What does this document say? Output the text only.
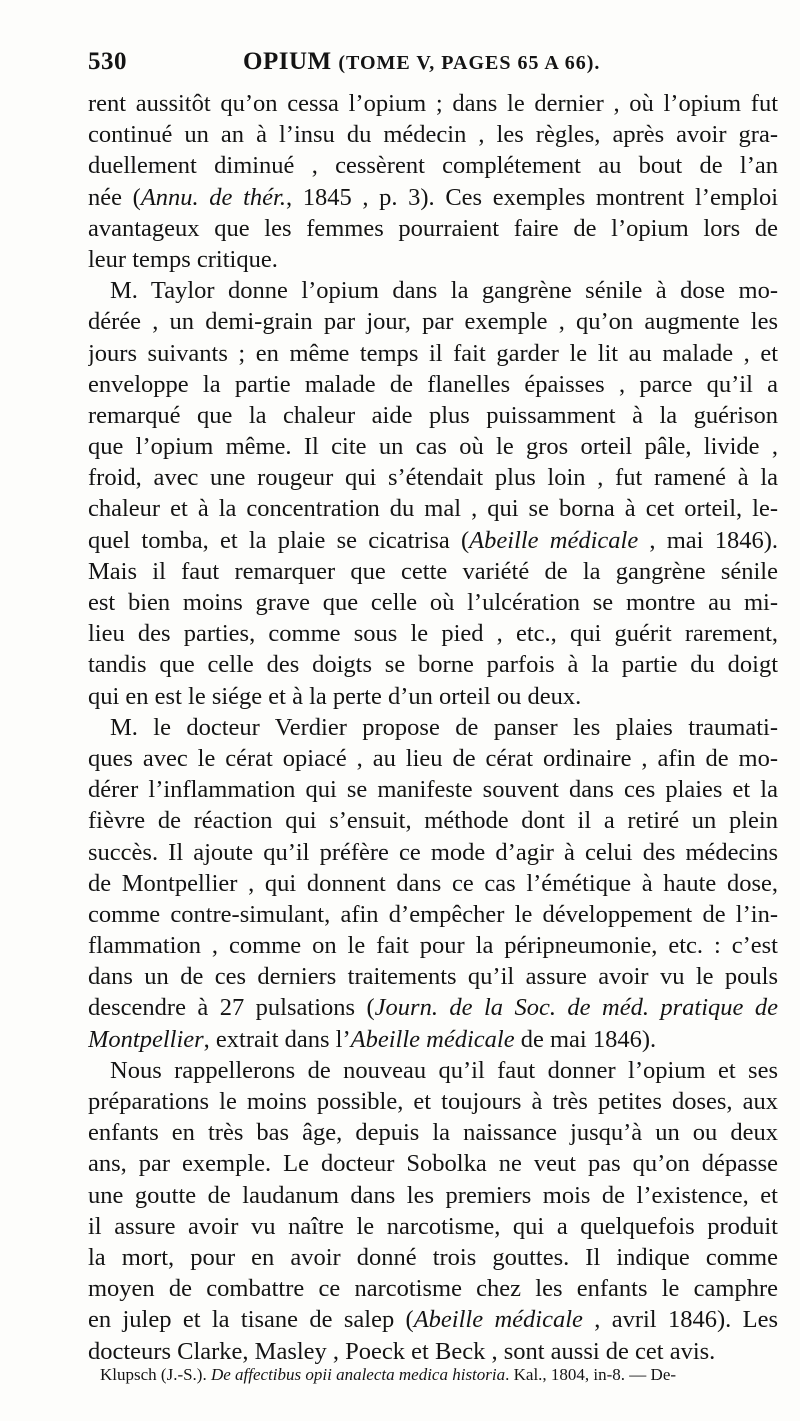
530	OPIUM (TOME V, PAGES 65 A 66).
rent aussitôt qu’on cessa l’opium ; dans le dernier , où l’opium fut
continué un an à l’insu du médecin , les règles, après avoir gra-
duellement diminué , cessèrent complétement au bout de l’an
née (Annu. de thér., 1845 , p. 3). Ces exemples montrent l’emploi
avantageux que les femmes pourraient faire de l’opium lors de
leur temps critique.
M. Taylor donne l’opium dans la gangrène sénile à dose mo-
dérée , un demi-grain par jour, par exemple , qu’on augmente les
jours suivants ; en même temps il fait garder le lit au malade , et
enveloppe la partie malade de flanelles épaisses , parce qu’il a
remarqué que la chaleur aide plus puissamment à la guérison
que l’opium même. Il cite un cas où le gros orteil pâle, livide ,
froid, avec une rougeur qui s’étendait plus loin , fut ramené à la
chaleur et à la concentration du mal , qui se borna à cet orteil, le-
quel tomba, et la plaie se cicatrisa (Abeille médicale , mai 1846).
Mais il faut remarquer que cette variété de la gangrène sénile
est bien moins grave que celle où l’ulcération se montre au mi-
lieu des parties, comme sous le pied , etc., qui guérit rarement,
tandis que celle des doigts se borne parfois à la partie du doigt
qui en est le siége et à la perte d’un orteil ou deux.
M. le docteur Verdier propose de panser les plaies traumati-
ques avec le cérat opiacé , au lieu de cérat ordinaire , afin de mo-
dérer l’inflammation qui se manifeste souvent dans ces plaies et la
fièvre de réaction qui s’ensuit, méthode dont il a retiré un plein
succès. Il ajoute qu’il préfère ce mode d’agir à celui des médecins
de Montpellier , qui donnent dans ce cas l’émétique à haute dose,
comme contre-simulant, afin d’empêcher le développement de l’in-
flammation , comme on le fait pour la péripneumonie, etc. : c’est
dans un de ces derniers traitements qu’il assure avoir vu le pouls
descendre à 27 pulsations (Journ. de la Soc. de méd. pratique de
Montpellier, extrait dans l’Abeille médicale de mai 1846).
Nous rappellerons de nouveau qu’il faut donner l’opium et ses
préparations le moins possible, et toujours à très petites doses, aux
enfants en très bas âge, depuis la naissance jusqu’à un ou deux
ans, par exemple. Le docteur Sobolka ne veut pas qu’on dépasse
une goutte de laudanum dans les premiers mois de l’existence, et
il assure avoir vu naître le narcotisme, qui a quelquefois produit
la mort, pour en avoir donné trois gouttes. Il indique comme
moyen de combattre ce narcotisme chez les enfants le camphre
en julep et la tisane de salep (Abeille médicale , avril 1846). Les
docteurs Clarke, Masley , Poeck et Beck , sont aussi de cet avis.
Klupsch (J.-S.). De affectibus opii analecta medica historia. Kal., 1804, in-8. — De-
